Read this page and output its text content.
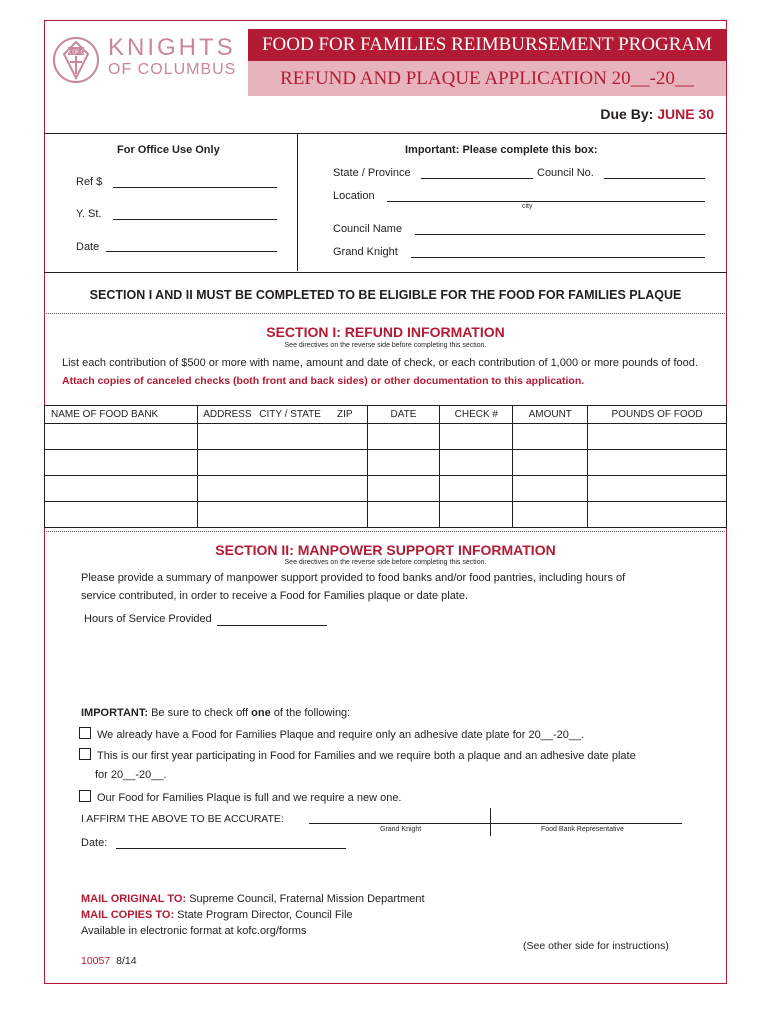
K OF C KNIGHTS
OF COLUMBUS
FOOD FOR FAMILIES REIMBURSEMENT PROGRAM
REFUND AND PLAQUE APPLICATION 20__-20__
Due By: JUNE 30
For Office Use Only
Ref $
Y. St.
Date
Important: Please complete this box:
State / Province	Council No.
Location
city
Council Name
Grand Knight
SECTION I AND II MUST BE COMPLETED TO BE ELIGIBLE FOR THE FOOD FOR FAMILIES PLAQUE
SECTION I: REFUND INFORMATION
See directives on the reverse side before completing this section.
List each contribution of $500 or more with name, amount and date of check, or each contribution of 1,000 or more pounds of food.
Attach copies of canceled checks (both front and back sides) or other documentation to this application.
NAME OF FOOD BANK	ADDRESS	CITY / STATE	ZIP	DATE	CHECK #	AMOUNT	POUNDS OF FOOD

SECTION II: MANPOWER SUPPORT INFORMATION
See directives on the reverse side before completing this section.
Please provide a summary of manpower support provided to food banks and/or food pantries, including hours of
service contributed, in order to receive a Food for Families plaque or date plate.
Hours of Service Provided
IMPORTANT: Be sure to check off one of the following:
We already have a Food for Families Plaque and require only an adhesive date plate for 20__-20__.
This is our first year participating in Food for Families and we require both a plaque and an adhesive date plate
for 20__-20__.
Our Food for Families Plaque is full and we require a new one.
I AFFIRM THE ABOVE TO BE ACCURATE:
Grand Knight	Food Bank Representative
Date:
MAIL ORIGINAL TO: Supreme Council, Fraternal Mission Department
MAIL COPIES TO: State Program Director, Council File
Available in electronic format at kofc.org/forms
(See other side for instructions)
10057 8/14
